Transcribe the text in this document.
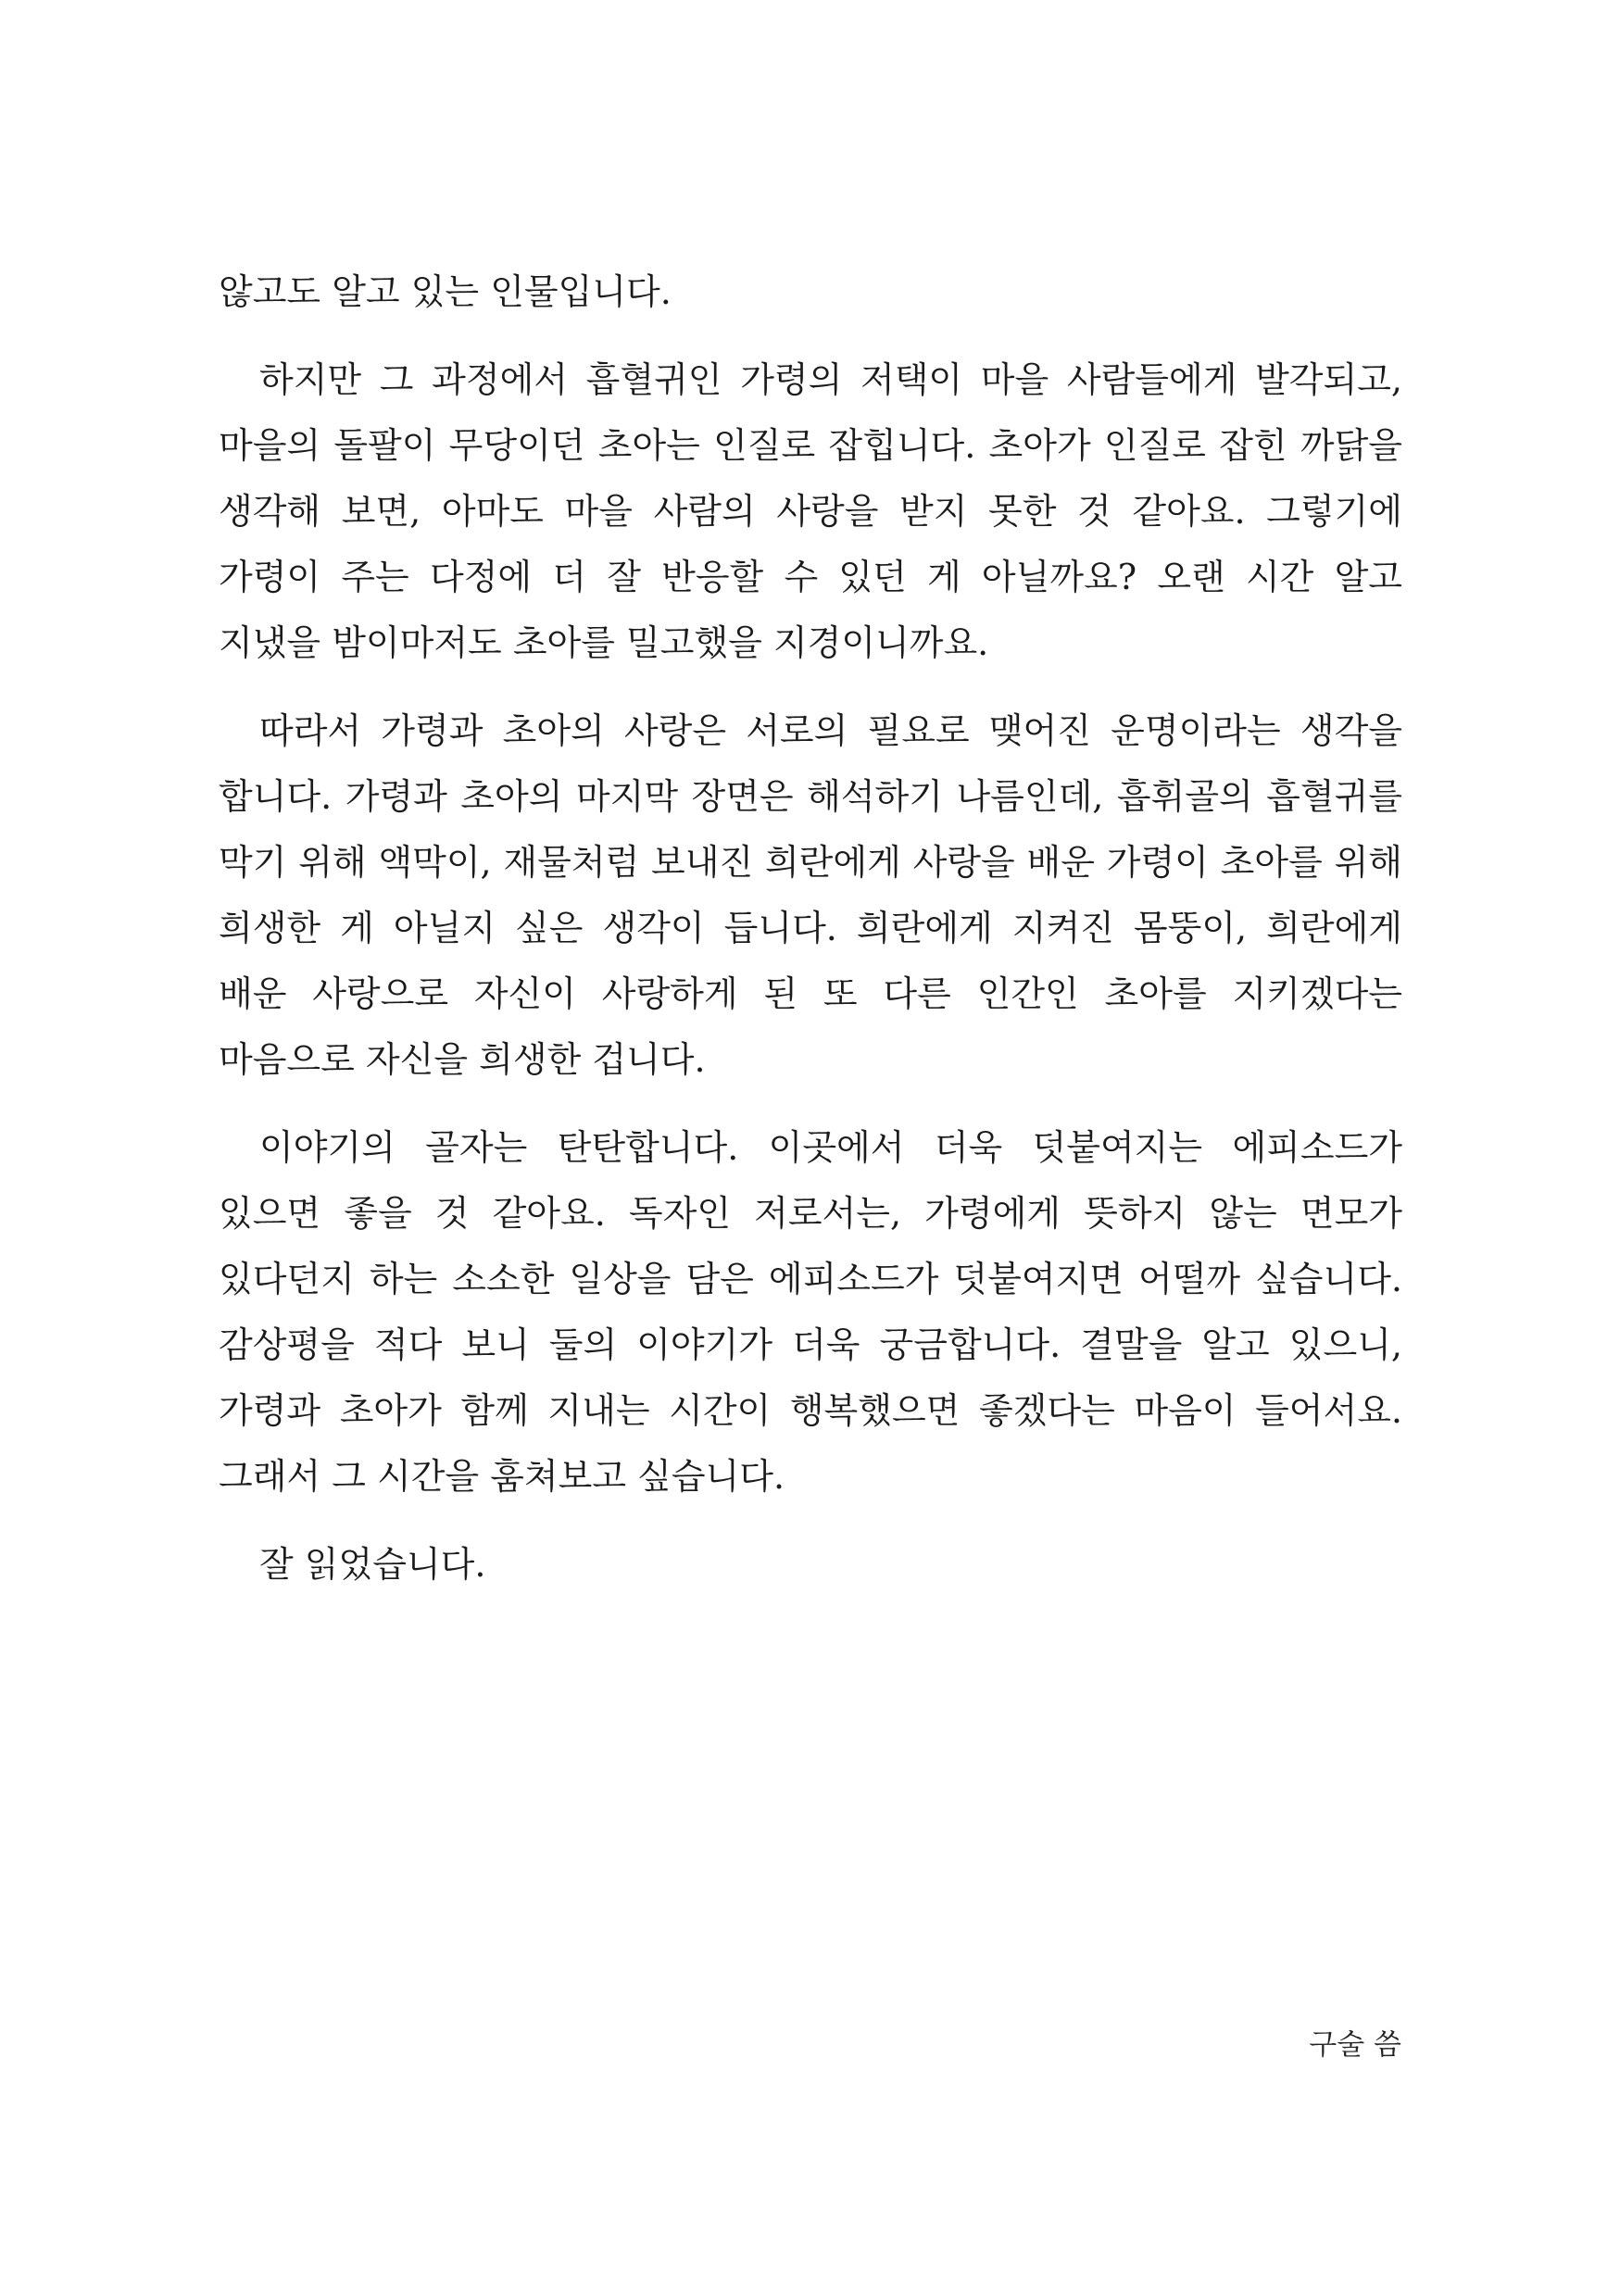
않고도 알고 있는 인물입니다.

하지만 그 과정에서 흡혈귀인 가령의 저택이 마을 사람들에게 발각되고, 마을의 돌팔이 무당이던 초아는 인질로 잡힙니다. 초아가 인질로 잡힌 까닭을 생각해 보면, 아마도 마을 사람의 사랑을 받지 못한 것 같아요. 그렇기에 가령이 주는 다정에 더 잘 반응할 수 있던 게 아닐까요? 오랜 시간 알고 지냈을 밤이마저도 초아를 밀고했을 지경이니까요.

따라서 가령과 초아의 사랑은 서로의 필요로 맺어진 운명이라는 생각을 합니다. 가령과 초아의 마지막 장면은 해석하기 나름인데, 흡휘골의 흡혈귀를 막기 위해 액막이, 재물처럼 보내진 희란에게 사랑을 배운 가령이 초아를 위해 희생한 게 아닐지 싶은 생각이 듭니다. 희란에게 지켜진 몸뚱이, 희란에게 배운 사랑으로 자신이 사랑하게 된 또 다른 인간인 초아를 지키겠다는 마음으로 자신을 희생한 겁니다.

이야기의 골자는 탄탄합니다. 이곳에서 더욱 덧붙여지는 에피소드가 있으면 좋을 것 같아요. 독자인 저로서는, 가령에게 뜻하지 않는 면모가 있다던지 하는 소소한 일상을 담은 에피소드가 덧붙여지면 어떨까 싶습니다. 감상평을 적다 보니 둘의 이야기가 더욱 궁금합니다. 결말을 알고 있으니, 가령과 초아가 함께 지내는 시간이 행복했으면 좋겠다는 마음이 들어서요. 그래서 그 시간을 훔쳐보고 싶습니다.

잘 읽었습니다.

구술 씀
